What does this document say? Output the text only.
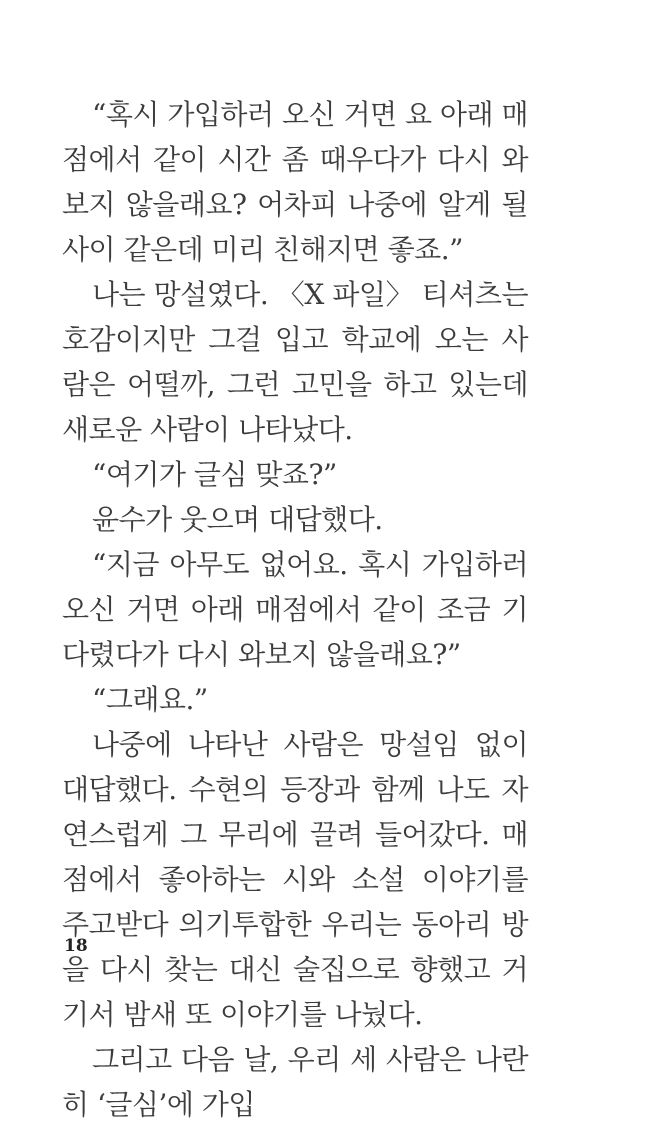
“혹시 가입하러 오신 거면 요 아래 매점에서 같이 시간 좀 때우다가 다시 와보지 않을래요? 어차피 나중에 알게 될 사이 같은데 미리 친해지면 좋죠.”

나는 망설였다. 〈X 파일〉 티셔츠는 호감이지만 그걸 입고 학교에 오는 사람은 어떨까, 그런 고민을 하고 있는데 새로운 사람이 나타났다.

“여기가 글심 맞죠?”

윤수가 웃으며 대답했다.

“지금 아무도 없어요. 혹시 가입하러 오신 거면 아래 매점에서 같이 조금 기다렸다가 다시 와보지 않을래요?”

“그래요.”

나중에 나타난 사람은 망설임 없이 대답했다. 수현의 등장과 함께 나도 자연스럽게 그 무리에 끌려 들어갔다. 매점에서 좋아하는 시와 소설 이야기를 주고받다 의기투합한 우리는 동아리 방을 다시 찾는 대신 술집으로 향했고 거기서 밤새 또 이야기를 나눴다.

그리고 다음 날, 우리 세 사람은 나란히 ‘글심’에 가입

18
